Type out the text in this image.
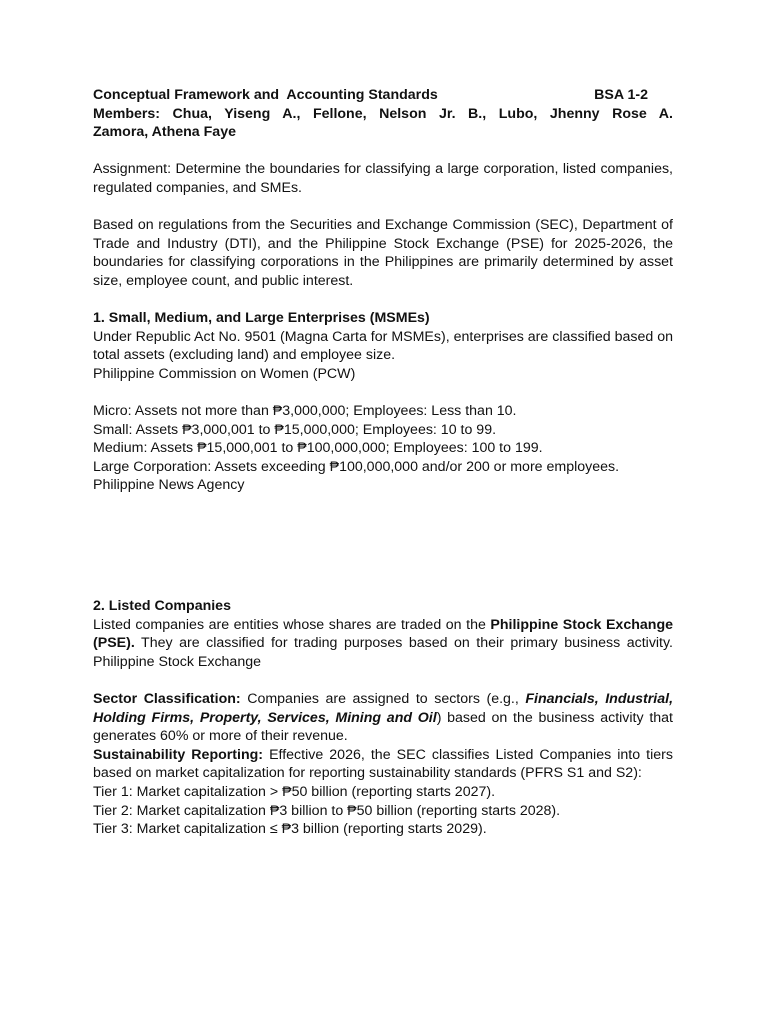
Conceptual Framework and  Accounting Standards	BSA 1-2

Members: Chua, Yiseng A., Fellone, Nelson Jr. B., Lubo, Jhenny Rose A.

Zamora, Athena Faye

Assignment: Determine the boundaries for classifying a large corporation, listed companies, regulated companies, and SMEs.

Based on regulations from the Securities and Exchange Commission (SEC), Department of Trade and Industry (DTI), and the Philippine Stock Exchange (PSE) for 2025-2026, the boundaries for classifying corporations in the Philippines are primarily determined by asset size, employee count, and public interest.

1. Small, Medium, and Large Enterprises (MSMEs)

Under Republic Act No. 9501 (Magna Carta for MSMEs), enterprises are classified based on total assets (excluding land) and employee size.

Philippine Commission on Women (PCW)

Micro: Assets not more than ₱3,000,000; Employees: Less than 10.

Small: Assets ₱3,000,001 to ₱15,000,000; Employees: 10 to 99.

Medium: Assets ₱15,000,001 to ₱100,000,000; Employees: 100 to 199.

Large Corporation: Assets exceeding ₱100,000,000 and/or 200 or more employees.

Philippine News Agency

2. Listed Companies

Listed companies are entities whose shares are traded on the Philippine Stock Exchange (PSE). They are classified for trading purposes based on their primary business activity. Philippine Stock Exchange

Sector Classification: Companies are assigned to sectors (e.g., Financials, Industrial, Holding Firms, Property, Services, Mining and Oil) based on the business activity that generates 60% or more of their revenue.

Sustainability Reporting: Effective 2026, the SEC classifies Listed Companies into tiers based on market capitalization for reporting sustainability standards (PFRS S1 and S2):

Tier 1: Market capitalization > ₱50 billion (reporting starts 2027).

Tier 2: Market capitalization ₱3 billion to ₱50 billion (reporting starts 2028).

Tier 3: Market capitalization ≤ ₱3 billion (reporting starts 2029).
